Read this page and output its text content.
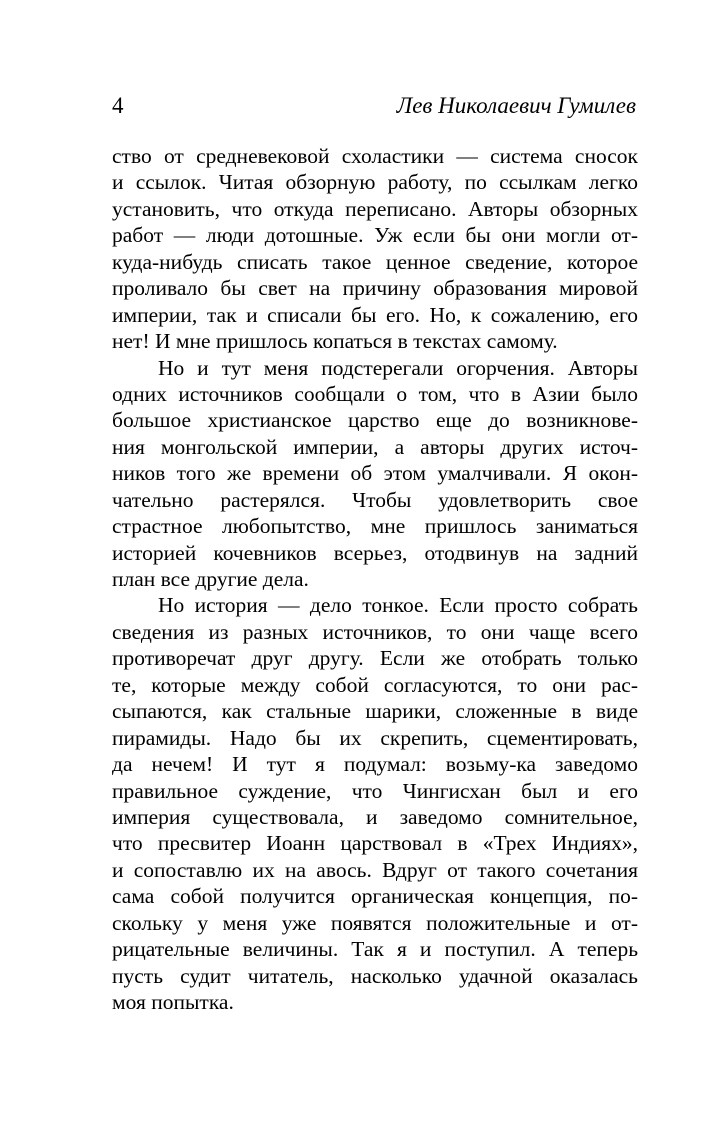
4	Лев Николаевич Гумилев
ство от средневековой схоластики — система сносок
и ссылок. Читая обзорную работу, по ссылкам легко
установить, что откуда переписано. Авторы обзорных
работ — люди дотошные. Уж если бы они могли от-
куда-нибудь списать такое ценное сведение, которое
проливало бы свет на причину образования мировой
империи, так и списали бы его. Но, к сожалению, его
нет! И мне пришлось копаться в текстах самому.
Но и тут меня подстерегали огорчения. Авторы
одних источников сообщали о том, что в Азии было
большое христианское царство еще до возникнове-
ния монгольской империи, а авторы других источ-
ников того же времени об этом умалчивали. Я окон-
чательно растерялся. Чтобы удовлетворить свое
страстное любопытство, мне пришлось заниматься
историей кочевников всерьез, отодвинув на задний
план все другие дела.
Но история — дело тонкое. Если просто собрать
сведения из разных источников, то они чаще всего
противоречат друг другу. Если же отобрать только
те, которые между собой согласуются, то они рас-
сыпаются, как стальные шарики, сложенные в виде
пирамиды. Надо бы их скрепить, сцементировать,
да нечем! И тут я подумал: возьму-ка заведомо
правильное суждение, что Чингисхан был и его
империя существовала, и заведомо сомнительное,
что пресвитер Иоанн царствовал в «Трех Индиях»,
и сопоставлю их на авось. Вдруг от такого сочетания
сама собой получится органическая концепция, по-
скольку у меня уже появятся положительные и от-
рицательные величины. Так я и поступил. А теперь
пусть судит читатель, насколько удачной оказалась
моя попытка.
